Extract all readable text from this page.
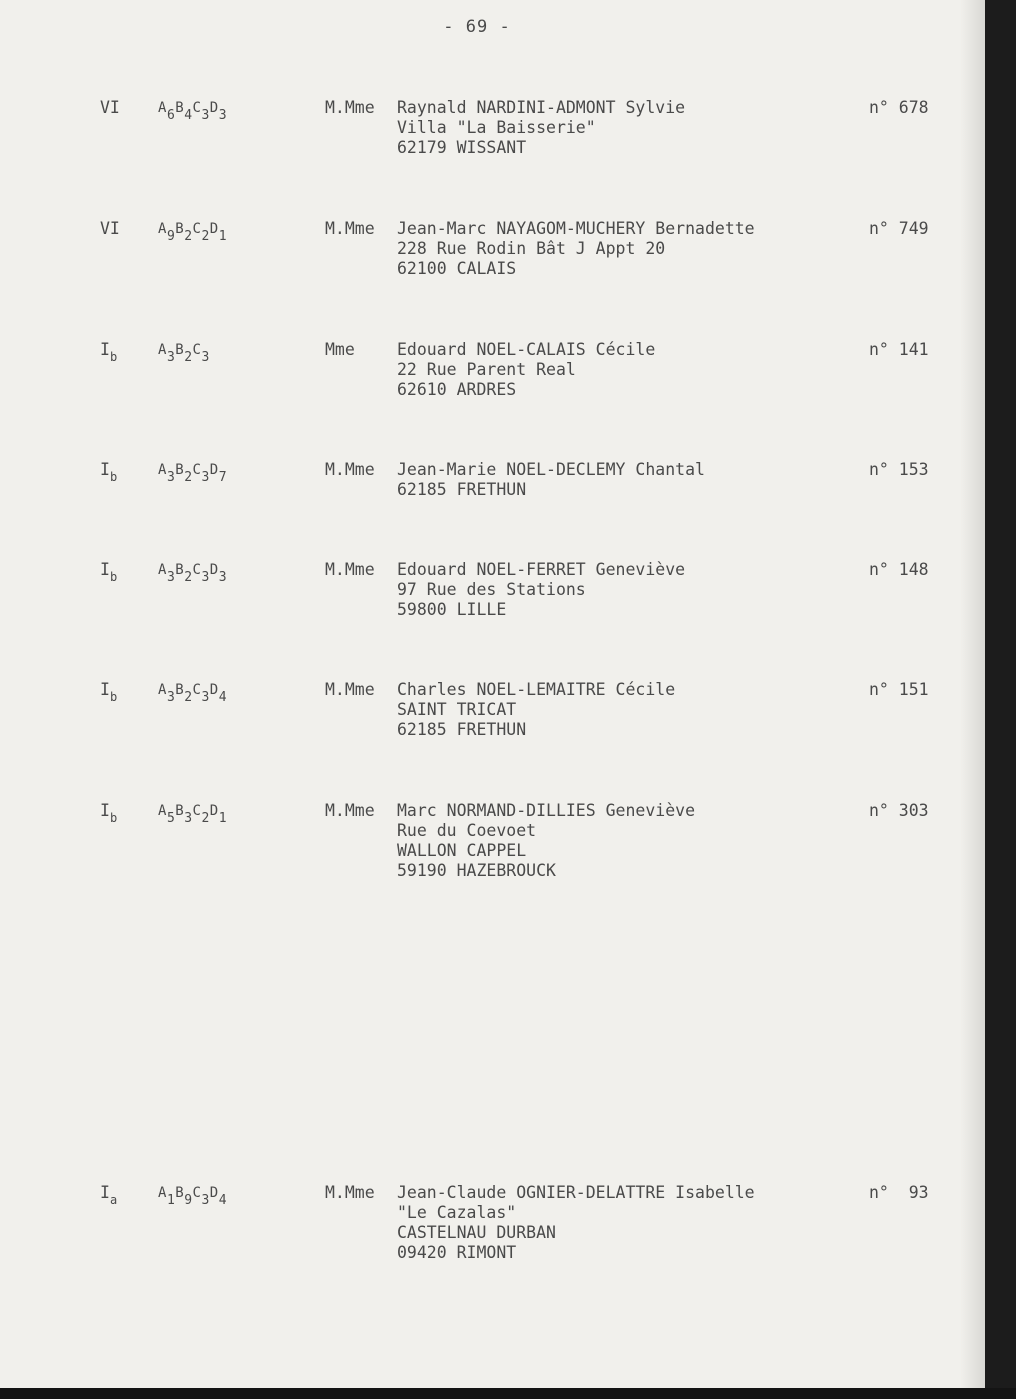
- 69 -
VI	$A_6B_4C_3D_3$	M.Mme Raynald NARDINI-ADMONT Sylvie
Villa "La Baisserie"
62179 WISSANT
n° 678
VI	$A_9B_2C_2D_1$	M.Mme Jean-Marc NAYAGOM-MUCHERY Bernadette
228 Rue Rodin Bât J Appt 20
62100 CALAIS
n° 749
$I_b$	$A_3B_2C_3$	Mme	Edouard NOEL-CALAIS Cécile
22 Rue Parent Real
62610 ARDRES
n° 141
$I_b$	$A_3B_2C_3D_7$	M.Mme Jean-Marie NOEL-DECLEMY Chantal
62185 FRETHUN
n° 153
$I_b$	$A_3B_2C_3D_3$	M.Mme Edouard NOEL-FERRET Geneviève
97 Rue des Stations
59800 LILLE
n° 148
$I_b$	$A_3B_2C_3D_4$	M.Mme Charles NOEL-LEMAITRE Cécile
SAINT TRICAT
62185 FRETHUN
n° 151
$I_b$	$A_5B_3C_2D_1$	M.Mme Marc NORMAND-DILLIES Geneviève
Rue du Coevoet
WALLON CAPPEL
59190 HAZEBROUCK
n° 303
$I_a$	$A_1B_9C_3D_4$	M.Mme Jean-Claude OGNIER-DELATTRE Isabelle
"Le Cazalas"
CASTELNAU DURBAN
09420 RIMONT
n°  93
